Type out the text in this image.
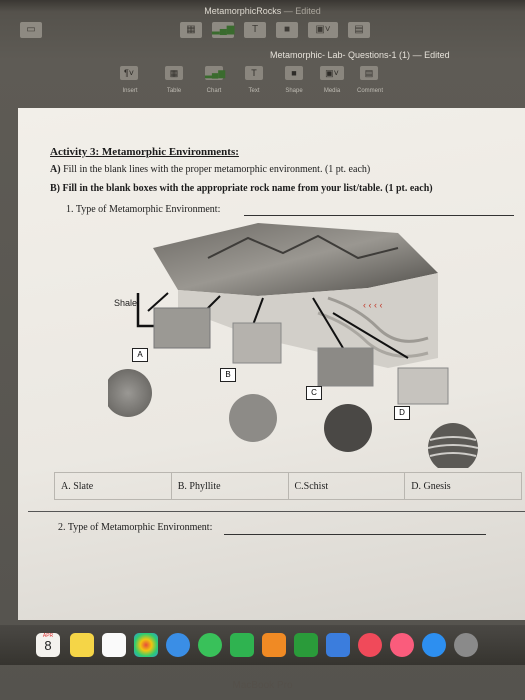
MetamorphicRocks — Edited
▭	▦	▂▄▆	T	■	▣˅	▤
Metamorphic- Lab- Questions-1 (1) — Edited
¶˅	▦	▂▄▆	T	■	▣˅	▤
Insert	Table	Chart	Text	Shape	Media	Comment
Activity 3: Metamorphic Environments:
A) Fill in the blank lines with the proper metamorphic environment. (1 pt. each)
B) Fill in the blank boxes with the appropriate rock name from your list/table. (1 pt. each)
1. Type of Metamorphic Environment:
‹ ‹ ‹ ‹
Shale
A
B
C
D
A. Slate	B. Phyllite	C.Schist	D. Gnesis
2. Type of Metamorphic Environment:
APR
8
MacBook Pro
